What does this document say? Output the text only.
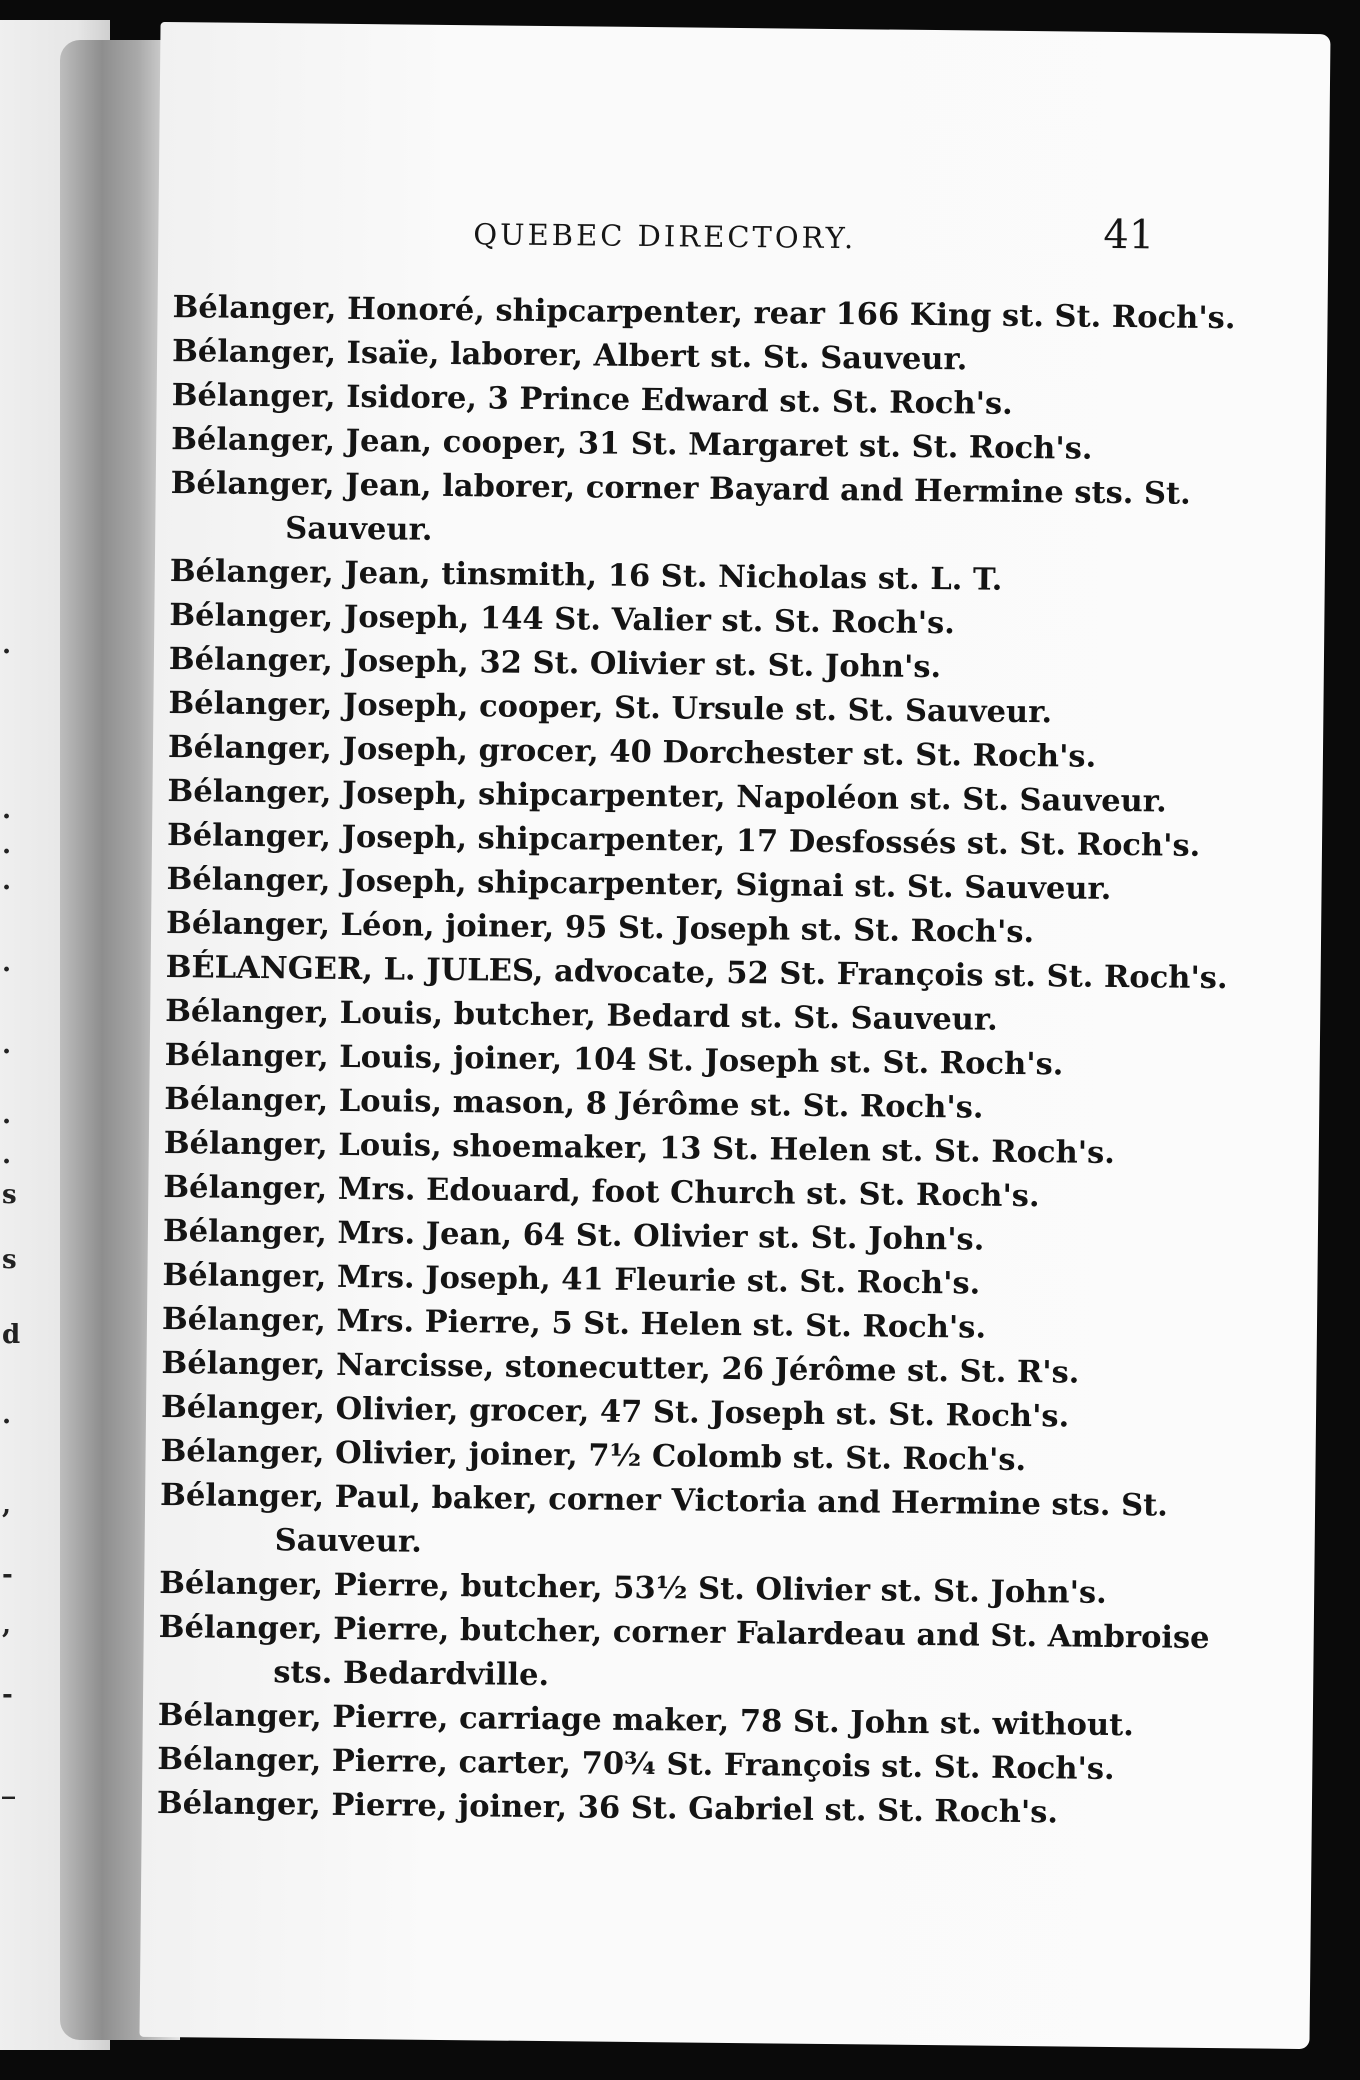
.
.
.
.
.
.
.
.
s
s
d
.
,
-
,
-
_
QUEBEC DIRECTORY.	41
Bélanger, Honoré, shipcarpenter, rear 166 King st. St. Roch's.
Bélanger, Isaïe, laborer, Albert st. St. Sauveur.
Bélanger, Isidore, 3 Prince Edward st. St. Roch's.
Bélanger, Jean, cooper, 31 St. Margaret st. St. Roch's.
Bélanger, Jean, laborer, corner Bayard and Hermine sts. St. Sauveur.
Bélanger, Jean, tinsmith, 16 St. Nicholas st. L. T.
Bélanger, Joseph, 144 St. Valier st. St. Roch's.
Bélanger, Joseph, 32 St. Olivier st. St. John's.
Bélanger, Joseph, cooper, St. Ursule st. St. Sauveur.
Bélanger, Joseph, grocer, 40 Dorchester st. St. Roch's.
Bélanger, Joseph, shipcarpenter, Napoléon st. St. Sauveur.
Bélanger, Joseph, shipcarpenter, 17 Desfossés st. St. Roch's.
Bélanger, Joseph, shipcarpenter, Signai st. St. Sauveur.
Bélanger, Léon, joiner, 95 St. Joseph st. St. Roch's.
BÉLANGER, L. JULES, advocate, 52 St. François st. St. Roch's.
Bélanger, Louis, butcher, Bedard st. St. Sauveur.
Bélanger, Louis, joiner, 104 St. Joseph st. St. Roch's.
Bélanger, Louis, mason, 8 Jérôme st. St. Roch's.
Bélanger, Louis, shoemaker, 13 St. Helen st. St. Roch's.
Bélanger, Mrs. Edouard, foot Church st. St. Roch's.
Bélanger, Mrs. Jean, 64 St. Olivier st. St. John's.
Bélanger, Mrs. Joseph, 41 Fleurie st. St. Roch's.
Bélanger, Mrs. Pierre, 5 St. Helen st. St. Roch's.
Bélanger, Narcisse, stonecutter, 26 Jérôme st. St. R's.
Bélanger, Olivier, grocer, 47 St. Joseph st. St. Roch's.
Bélanger, Olivier, joiner, 7½ Colomb st. St. Roch's.
Bélanger, Paul, baker, corner Victoria and Hermine sts. St. Sauveur.
Bélanger, Pierre, butcher, 53½ St. Olivier st. St. John's.
Bélanger, Pierre, butcher, corner Falardeau and St. Ambroise sts. Bedardville.
Bélanger, Pierre, carriage maker, 78 St. John st. without.
Bélanger, Pierre, carter, 70¾ St. François st. St. Roch's.
Bélanger, Pierre, joiner, 36 St. Gabriel st. St. Roch's.
